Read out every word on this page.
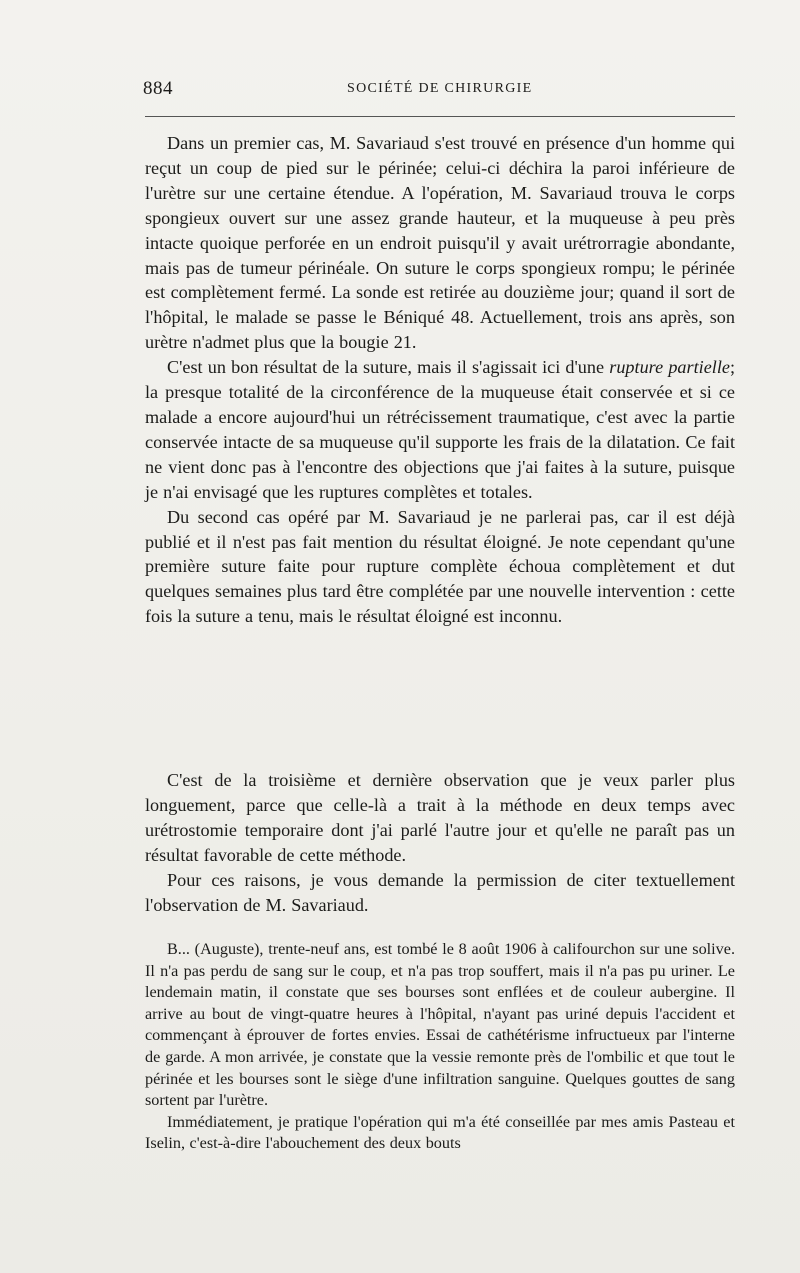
884	SOCIÉTÉ DE CHIRURGIE

Dans un premier cas, M. Savariaud s'est trouvé en présence d'un homme qui reçut un coup de pied sur le périnée; celui-ci déchira la paroi inférieure de l'urètre sur une certaine étendue. A l'opération, M. Savariaud trouva le corps spongieux ouvert sur une assez grande hauteur, et la muqueuse à peu près intacte quoique perforée en un endroit puisqu'il y avait urétrorragie abondante, mais pas de tumeur périnéale. On suture le corps spongieux rompu; le périnée est complètement fermé. La sonde est retirée au douzième jour; quand il sort de l'hôpital, le malade se passe le Béniqué 48. Actuellement, trois ans après, son urètre n'admet plus que la bougie 21.

C'est un bon résultat de la suture, mais il s'agissait ici d'une rupture partielle; la presque totalité de la circonférence de la muqueuse était conservée et si ce malade a encore aujourd'hui un rétrécissement traumatique, c'est avec la partie conservée intacte de sa muqueuse qu'il supporte les frais de la dilatation. Ce fait ne vient donc pas à l'encontre des objections que j'ai faites à la suture, puisque je n'ai envisagé que les ruptures complètes et totales.

Du second cas opéré par M. Savariaud je ne parlerai pas, car il est déjà publié et il n'est pas fait mention du résultat éloigné. Je note cependant qu'une première suture faite pour rupture complète échoua complètement et dut quelques semaines plus tard être complétée par une nouvelle intervention : cette fois la suture a tenu, mais le résultat éloigné est inconnu.

C'est de la troisième et dernière observation que je veux parler plus longuement, parce que celle-là a trait à la méthode en deux temps avec urétrostomie temporaire dont j'ai parlé l'autre jour et qu'elle ne paraît pas un résultat favorable de cette méthode.

Pour ces raisons, je vous demande la permission de citer textuellement l'observation de M. Savariaud.

B... (Auguste), trente-neuf ans, est tombé le 8 août 1906 à califourchon sur une solive. Il n'a pas perdu de sang sur le coup, et n'a pas trop souffert, mais il n'a pas pu uriner. Le lendemain matin, il constate que ses bourses sont enflées et de couleur aubergine. Il arrive au bout de vingt-quatre heures à l'hôpital, n'ayant pas uriné depuis l'accident et commençant à éprouver de fortes envies. Essai de cathétérisme infructueux par l'interne de garde. A mon arrivée, je constate que la vessie remonte près de l'ombilic et que tout le périnée et les bourses sont le siège d'une infiltration sanguine. Quelques gouttes de sang sortent par l'urètre.

Immédiatement, je pratique l'opération qui m'a été conseillée par mes amis Pasteau et Iselin, c'est-à-dire l'abouchement des deux bouts
